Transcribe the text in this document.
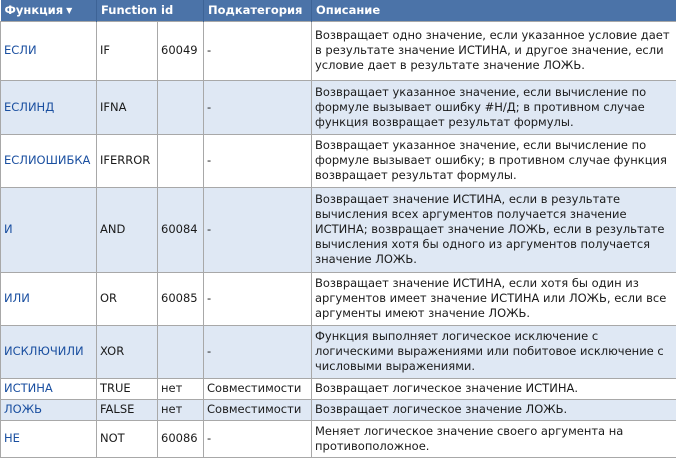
Функция ▼	Function id		Подкатегория	Описание
ЕСЛИ	IF	60049	-	Возвращает одно значение, если указанное условие дает в результате значение ИСТИНА, и другое значение, если условие дает в результате значение ЛОЖЬ.
ЕСЛИНД	IFNA		-	Возвращает указанное значение, если вычисление по формуле вызывает ошибку #Н/Д; в противном случае функция возвращает результат формулы.
ЕСЛИОШИБКА	IFERROR		-	Возвращает указанное значение, если вычисление по формуле вызывает ошибку; в противном случае функция возвращает результат формулы.
И	AND	60084	-	Возвращает значение ИСТИНА, если в результате вычисления всех аргументов получается значение ИСТИНА; возвращает значение ЛОЖЬ, если в результате вычисления хотя бы одного из аргументов получается значение ЛОЖЬ.
ИЛИ	OR	60085	-	Возвращает значение ИСТИНА, если хотя бы один из аргументов имеет значение ИСТИНА или ЛОЖЬ, если все аргументы имеют значение ЛОЖЬ.
ИСКЛЮЧИЛИ	XOR		-	Функция выполняет логическое исключение с логическими выражениями или побитовое исключение с числовыми выражениями.
ИСТИНА	TRUE	нет	Совместимости	Возвращает логическое значение ИСТИНА.
ЛОЖЬ	FALSE	нет	Совместимости	Возвращает логическое значение ЛОЖЬ.
НЕ	NOT	60086	-	Меняет логическое значение своего аргумента на противоположное.
